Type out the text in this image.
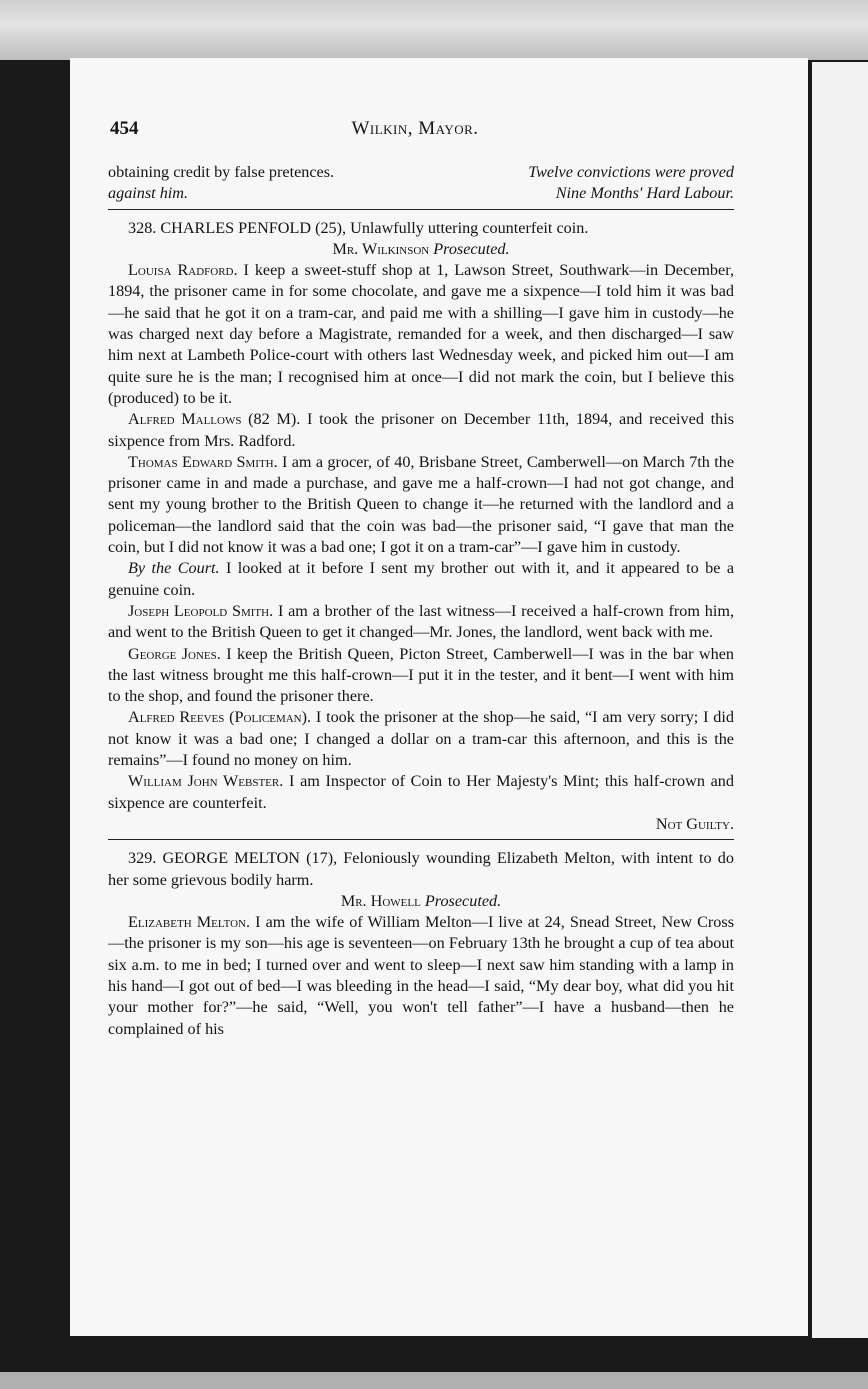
454	Wilkin, Mayor.
obtaining credit by false pretences.	Twelve convictions were proved
against him.	Nine Months' Hard Labour.

328. CHARLES PENFOLD (25), Unlawfully uttering counterfeit coin.

Mr. Wilkinson Prosecuted.

Louisa Radford. I keep a sweet-stuff shop at 1, Lawson Street, Southwark—in December, 1894, the prisoner came in for some chocolate, and gave me a sixpence—I told him it was bad—he said that he got it on a tram-car, and paid me with a shilling—I gave him in custody—he was charged next day before a Magistrate, remanded for a week, and then discharged—I saw him next at Lambeth Police-court with others last Wednesday week, and picked him out—I am quite sure he is the man; I recognised him at once—I did not mark the coin, but I believe this (produced) to be it.

Alfred Mallows (82 M). I took the prisoner on December 11th, 1894, and received this sixpence from Mrs. Radford.

Thomas Edward Smith. I am a grocer, of 40, Brisbane Street, Camberwell—on March 7th the prisoner came in and made a purchase, and gave me a half-crown—I had not got change, and sent my young brother to the British Queen to change it—he returned with the landlord and a policeman—the landlord said that the coin was bad—the prisoner said, “I gave that man the coin, but I did not know it was a bad one; I got it on a tram-car”—I gave him in custody.

By the Court. I looked at it before I sent my brother out with it, and it appeared to be a genuine coin.

Joseph Leopold Smith. I am a brother of the last witness—I received a half-crown from him, and went to the British Queen to get it changed—Mr. Jones, the landlord, went back with me.

George Jones. I keep the British Queen, Picton Street, Camberwell—I was in the bar when the last witness brought me this half-crown—I put it in the tester, and it bent—I went with him to the shop, and found the prisoner there.

Alfred Reeves (Policeman). I took the prisoner at the shop—he said, “I am very sorry; I did not know it was a bad one; I changed a dollar on a tram-car this afternoon, and this is the remains”—I found no money on him.

William John Webster. I am Inspector of Coin to Her Majesty's Mint; this half-crown and sixpence are counterfeit.

Not Guilty.

329. GEORGE MELTON (17), Feloniously wounding Elizabeth Melton, with intent to do her some grievous bodily harm.

Mr. Howell Prosecuted.

Elizabeth Melton. I am the wife of William Melton—I live at 24, Snead Street, New Cross—the prisoner is my son—his age is seventeen—on February 13th he brought a cup of tea about six a.m. to me in bed; I turned over and went to sleep—I next saw him standing with a lamp in his hand—I got out of bed—I was bleeding in the head—I said, “My dear boy, what did you hit your mother for?”—he said, “Well, you won't tell father”—I have a husband—then he complained of his
